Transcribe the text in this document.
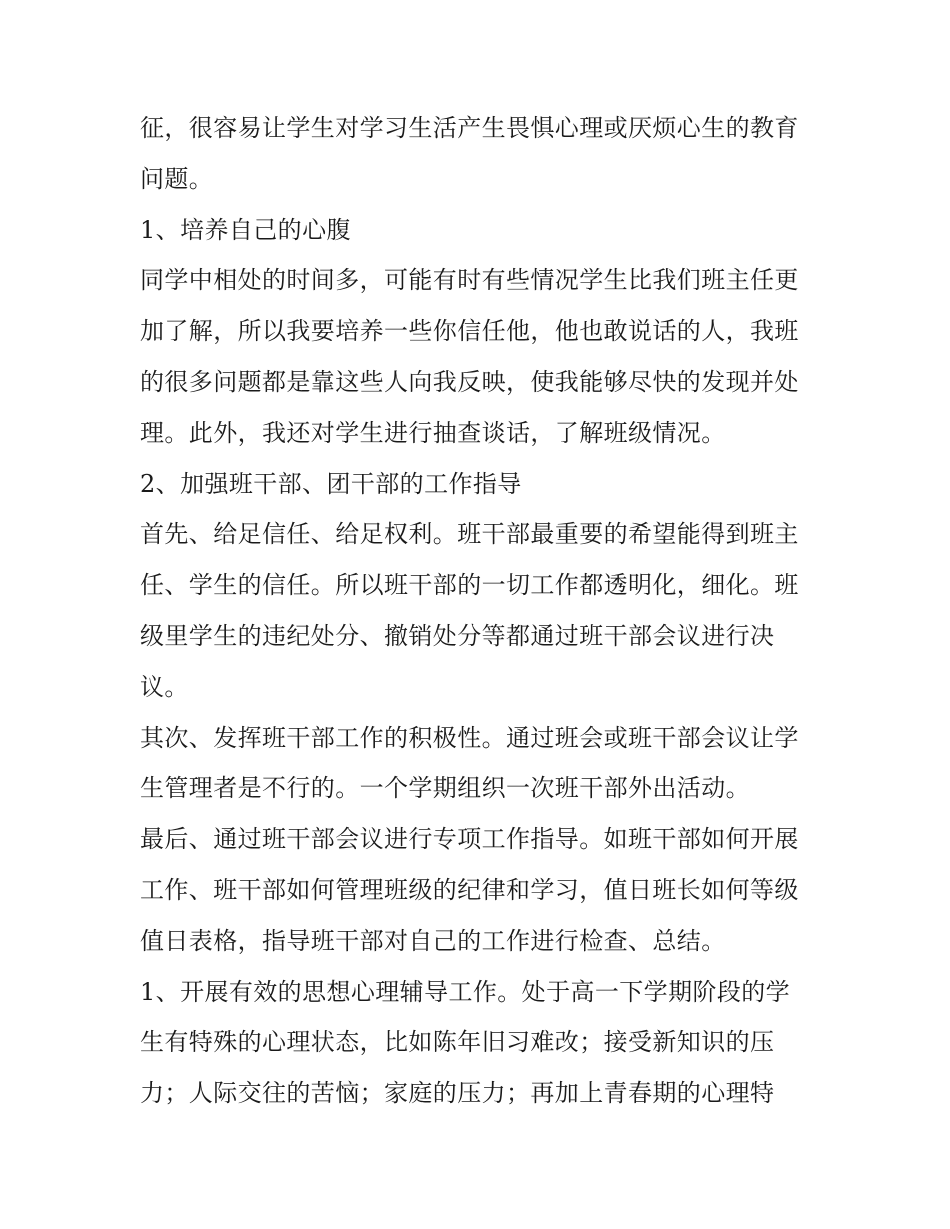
征，很容易让学生对学习生活产生畏惧心理或厌烦心生的教育
问题。
1、培养自己的心腹
同学中相处的时间多，可能有时有些情况学生比我们班主任更
加了解，所以我要培养一些你信任他，他也敢说话的人，我班
的很多问题都是靠这些人向我反映，使我能够尽快的发现并处
理。此外，我还对学生进行抽查谈话，了解班级情况。
2、加强班干部、团干部的工作指导
首先、给足信任、给足权利。班干部最重要的希望能得到班主
任、学生的信任。所以班干部的一切工作都透明化，细化。班
级里学生的违纪处分、撤销处分等都通过班干部会议进行决
议。
其次、发挥班干部工作的积极性。通过班会或班干部会议让学
生管理者是不行的。一个学期组织一次班干部外出活动。
最后、通过班干部会议进行专项工作指导。如班干部如何开展
工作、班干部如何管理班级的纪律和学习，值日班长如何等级
值日表格，指导班干部对自己的工作进行检查、总结。
1、开展有效的思想心理辅导工作。处于高一下学期阶段的学
生有特殊的心理状态，比如陈年旧习难改；接受新知识的压
力；人际交往的苦恼；家庭的压力；再加上青春期的心理特
